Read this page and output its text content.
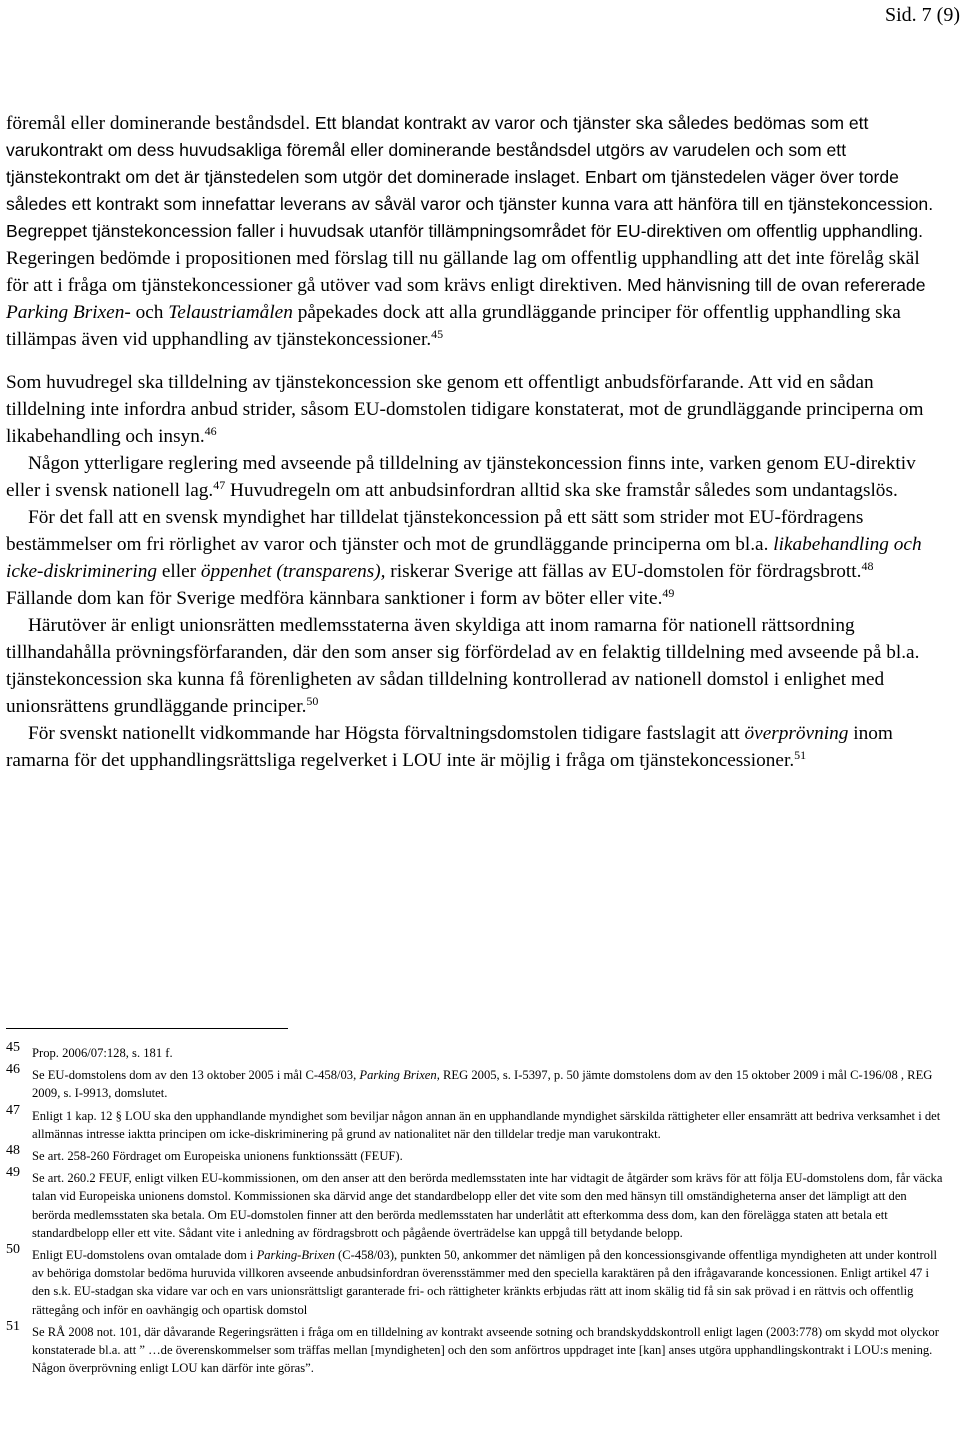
Sid. 7 (9)

föremål eller dominerande beståndsdel. Ett blandat kontrakt av varor och tjänster ska således bedömas som ett varukontrakt om dess huvudsakliga föremål eller dominerande beståndsdel utgörs av varudelen och som ett tjänstekontrakt om det är tjänstedelen som utgör det dominerade inslaget. Enbart om tjänstedelen väger över torde således ett kontrakt som innefattar leverans av såväl varor och tjänster kunna vara att hänföra till en tjänstekoncession.

Begreppet tjänstekoncession faller i huvudsak utanför tillämpningsområdet för EU-direktiven om offentlig upphandling. Regeringen bedömde i propositionen med förslag till nu gällande lag om offentlig upphandling att det inte förelåg skäl för att i fråga om tjänstekoncessioner gå utöver vad som krävs enligt direktiven. Med hänvisning till de ovan refererade Parking Brixen- och Telaustriamålen påpekades dock att alla grundläggande principer för offentlig upphandling ska tillämpas även vid upphandling av tjänstekoncessioner.$^{45}$

Som huvudregel ska tilldelning av tjänstekoncession ske genom ett offentligt anbudsförfarande. Att vid en sådan tilldelning inte infordra anbud strider, såsom EU-domstolen tidigare konstaterat, mot de grundläggande principerna om likabehandling och insyn.$^{46}$

Någon ytterligare reglering med avseende på tilldelning av tjänstekoncession finns inte, varken genom EU-direktiv eller i svensk nationell lag.$^{47}$ Huvudregeln om att anbudsinfordran alltid ska ske framstår således som undantagslös.

För det fall att en svensk myndighet har tilldelat tjänstekoncession på ett sätt som strider mot EU-fördragens bestämmelser om fri rörlighet av varor och tjänster och mot de grundläggande principerna om bl.a. likabehandling och icke-diskriminering eller öppenhet (transparens), riskerar Sverige att fällas av EU-domstolen för fördragsbrott.$^{48}$ Fällande dom kan för Sverige medföra kännbara sanktioner i form av böter eller vite.$^{49}$

Härutöver är enligt unionsrätten medlemsstaterna även skyldiga att inom ramarna för nationell rättsordning tillhandahålla prövningsförfaranden, där den som anser sig förfördelad av en felaktig tilldelning med avseende på bl.a. tjänstekoncession ska kunna få förenligheten av sådan tilldelning kontrollerad av nationell domstol i enlighet med unionsrättens grundläggande principer.$^{50}$

För svenskt nationellt vidkommande har Högsta förvaltningsdomstolen tidigare fastslagit att överprövning inom ramarna för det upphandlingsrättsliga regelverket i LOU inte är möjlig i fråga om tjänstekoncessioner.$^{51}$

45 Prop. 2006/07:128, s. 181 f.
46 Se EU-domstolens dom av den 13 oktober 2005 i mål C-458/03, Parking Brixen, REG 2005, s. I-5397, p. 50 jämte domstolens dom av den 15 oktober 2009 i mål C-196/08 , REG 2009, s. I-9913, domslutet.
47 Enligt 1 kap. 12 § LOU ska den upphandlande myndighet som beviljar någon annan än en upphandlande myndighet särskilda rättigheter eller ensamrätt att bedriva verksamhet i det allmännas intresse iaktta principen om icke-diskriminering på grund av nationalitet när den tilldelar tredje man varukontrakt.
48 Se art. 258-260 Fördraget om Europeiska unionens funktionssätt (FEUF).
49 Se art. 260.2 FEUF, enligt vilken EU-kommissionen, om den anser att den berörda medlemsstaten inte har vidtagit de åtgärder som krävs för att följa EU-domstolens dom, får väcka talan vid Europeiska unionens domstol. Kommissionen ska därvid ange det standardbelopp eller det vite som den med hänsyn till omständigheterna anser det lämpligt att den berörda medlemsstaten ska betala. Om EU-domstolen finner att den berörda medlemsstaten har underlåtit att efterkomma dess dom, kan den förelägga staten att betala ett standardbelopp eller ett vite. Sådant vite i anledning av fördragsbrott och pågående överträdelse kan uppgå till betydande belopp.
50 Enligt EU-domstolens ovan omtalade dom i Parking-Brixen (C-458/03), punkten 50, ankommer det nämligen på den koncessionsgivande offentliga myndigheten att under kontroll av behöriga domstolar bedöma huruvida villkoren avseende anbudsinfordran överensstämmer med den speciella karaktären på den ifrågavarande koncessionen. Enligt artikel 47 i den s.k. EU-stadgan ska vidare var och en vars unionsrättsligt garanterade fri- och rättigheter kränkts erbjudas rätt att inom skälig tid få sin sak prövad i en rättvis och offentlig rättegång och inför en oavhängig och opartisk domstol
51 Se RÅ 2008 not. 101, där dåvarande Regeringsrätten i fråga om en tilldelning av kontrakt avseende sotning och brandskyddskontroll enligt lagen (2003:778) om skydd mot olyckor konstaterade bl.a. att ” …de överenskommelser som träffas mellan [myndigheten] och den som anförtros uppdraget inte [kan] anses utgöra upphandlingskontrakt i LOU:s mening. Någon överprövning enligt LOU kan därför inte göras”.
